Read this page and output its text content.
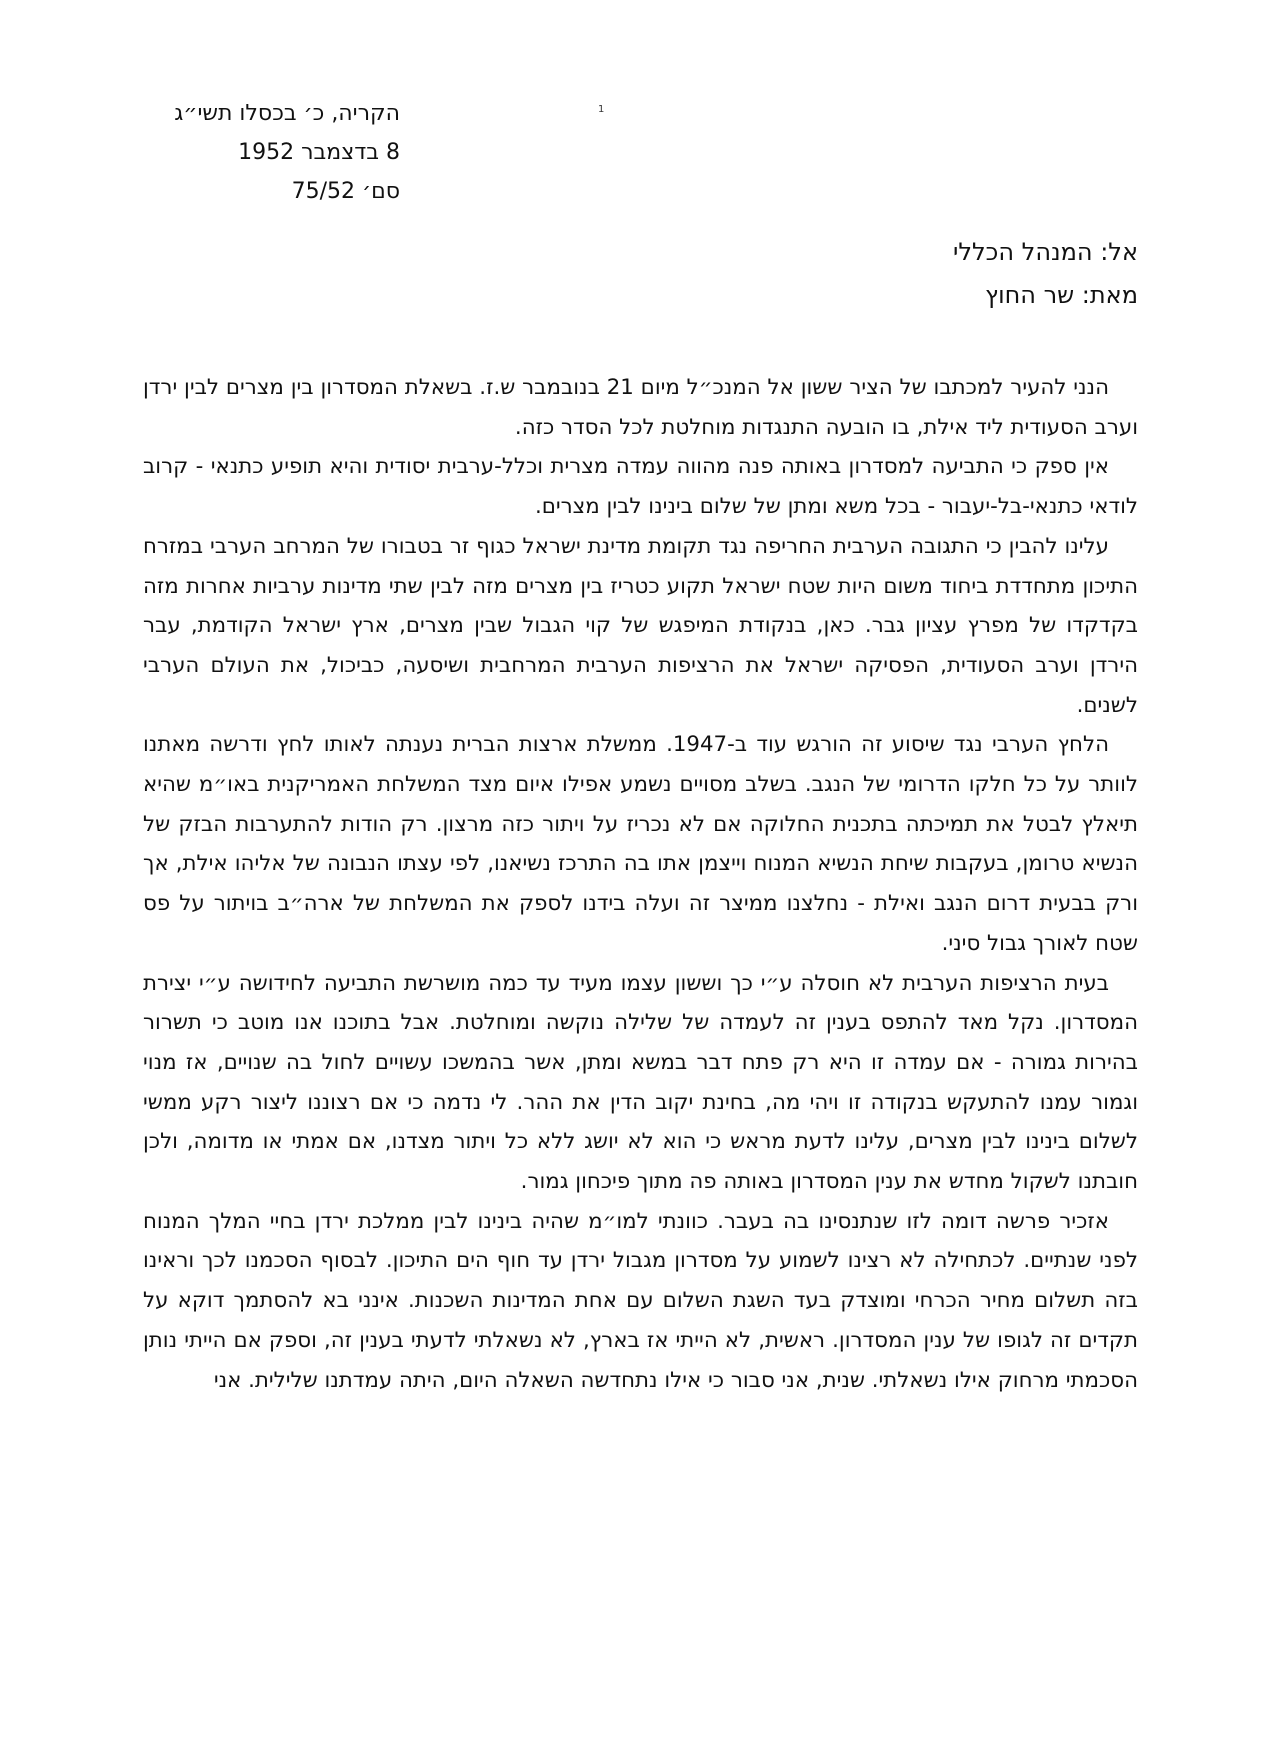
1
הקריה, כ׳ בכסלו תשי״ג
8 בדצמבר 1952
סם׳ 75/52
אל: המנהל הכללי
מאת: שר החוץ

הנני להעיר למכתבו של הציר ששון אל המנכ״ל מיום 21 בנובמבר ש.ז. בשאלת המסדרון בין מצרים לבין ירדן וערב הסעודית ליד אילת, בו הובעה התנגדות מוחלטת לכל הסדר כזה.

אין ספק כי התביעה למסדרון באותה פנה מהווה עמדה מצרית וכלל-ערבית יסודית והיא תופיע כתנאי - קרוב לודאי כתנאי-בל-יעבור - בכל משא ומתן של שלום בינינו לבין מצרים.

עלינו להבין כי התגובה הערבית החריפה נגד תקומת מדינת ישראל כגוף זר בטבורו של המרחב הערבי במזרח התיכון מתחדדת ביחוד משום היות שטח ישראל תקוע כטריז בין מצרים מזה לבין שתי מדינות ערביות אחרות מזה בקדקדו של מפרץ עציון גבר. כאן, בנקודת המיפגש של קוי הגבול שבין מצרים, ארץ ישראל הקודמת, עבר הירדן וערב הסעודית, הפסיקה ישראל את הרציפות הערבית המרחבית ושיסעה, כביכול, את העולם הערבי לשנים.

הלחץ הערבי נגד שיסוע זה הורגש עוד ב-1947. ממשלת ארצות הברית נענתה לאותו לחץ ודרשה מאתנו לוותר על כל חלקו הדרומי של הנגב. בשלב מסויים נשמע אפילו איום מצד המשלחת האמריקנית באו״מ שהיא תיאלץ לבטל את תמיכתה בתכנית החלוקה אם לא נכריז על ויתור כזה מרצון. רק הודות להתערבות הבזק של הנשיא טרומן, בעקבות שיחת הנשיא המנוח וייצמן אתו בה התרכז נשיאנו, לפי עצתו הנבונה של אליהו אילת, אך ורק בבעית דרום הנגב ואילת - נחלצנו ממיצר זה ועלה בידנו לספק את המשלחת של ארה״ב בויתור על פס שטח לאורך גבול סיני.

בעית הרציפות הערבית לא חוסלה ע״י כך וששון עצמו מעיד עד כמה מושרשת התביעה לחידושה ע״י יצירת המסדרון. נקל מאד להתפס בענין זה לעמדה של שלילה נוקשה ומוחלטת. אבל בתוכנו אנו מוטב כי תשרור בהירות גמורה - אם עמדה זו היא רק פתח דבר במשא ומתן, אשר בהמשכו עשויים לחול בה שנויים, אז מנוי וגמור עמנו להתעקש בנקודה זו ויהי מה, בחינת יקוב הדין את ההר. לי נדמה כי אם רצוננו ליצור רקע ממשי לשלום בינינו לבין מצרים, עלינו לדעת מראש כי הוא לא יושג ללא כל ויתור מצדנו, אם אמתי או מדומה, ולכן חובתנו לשקול מחדש את ענין המסדרון באותה פה מתוך פיכחון גמור.

אזכיר פרשה דומה לזו שנתנסינו בה בעבר. כוונתי למו״מ שהיה בינינו לבין ממלכת ירדן בחיי המלך המנוח לפני שנתיים. לכתחילה לא רצינו לשמוע על מסדרון מגבול ירדן עד חוף הים התיכון. לבסוף הסכמנו לכך וראינו בזה תשלום מחיר הכרחי ומוצדק בעד השגת השלום עם אחת המדינות השכנות. אינני בא להסתמך דוקא על תקדים זה לגופו של ענין המסדרון. ראשית, לא הייתי אז בארץ, לא נשאלתי לדעתי בענין זה, וספק אם הייתי נותן הסכמתי מרחוק אילו נשאלתי. שנית, אני סבור כי אילו נתחדשה השאלה היום, היתה עמדתנו שלילית. אני
